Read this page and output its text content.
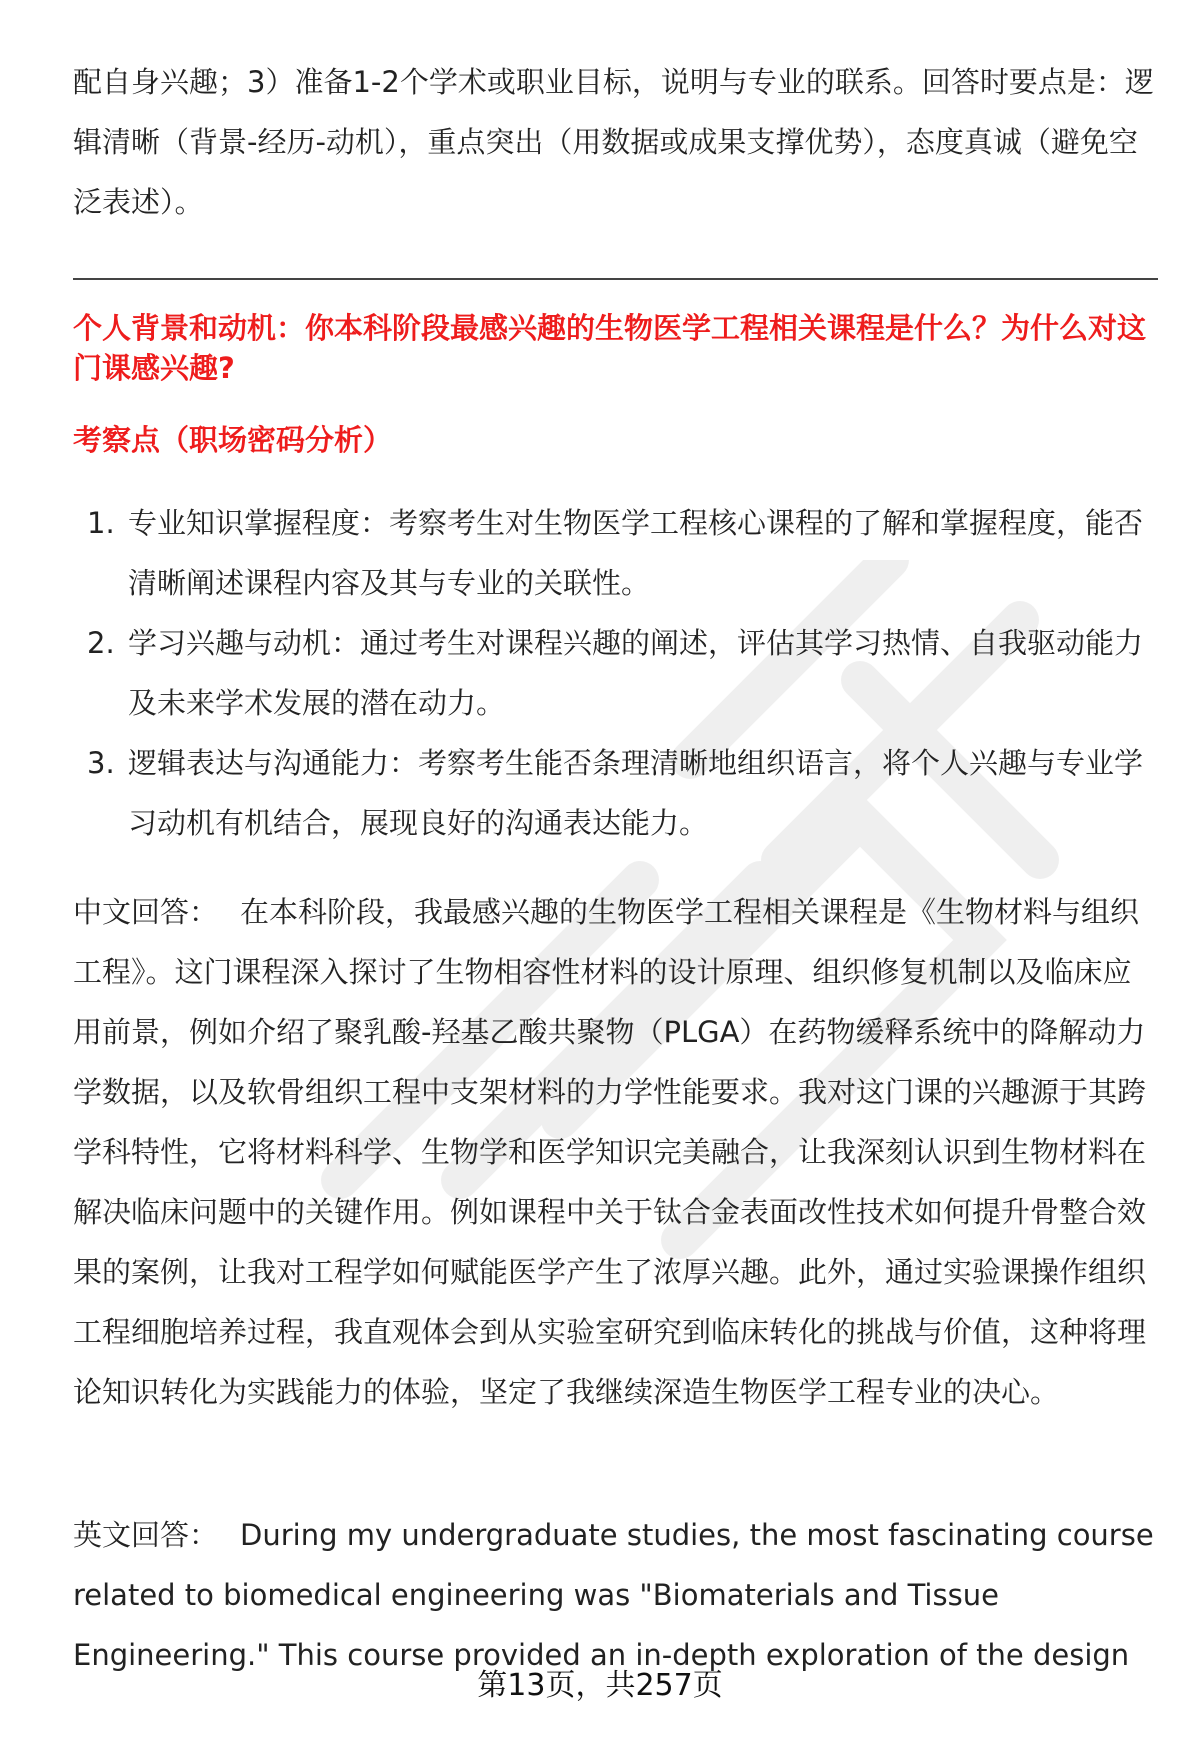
配自身兴趣；3）准备1-2个学术或职业目标，说明与专业的联系。回答时要点是：逻辑清晰（背景-经历-动机），重点突出（用数据或成果支撑优势），态度真诚（避免空泛表述）。

个人背景和动机：你本科阶段最感兴趣的生物医学工程相关课程是什么？为什么对这门课感兴趣?

考察点（职场密码分析）

1. 专业知识掌握程度：考察考生对生物医学工程核心课程的了解和掌握程度，能否清晰阐述课程内容及其与专业的关联性。
2. 学习兴趣与动机：通过考生对课程兴趣的阐述，评估其学习热情、自我驱动能力及未来学术发展的潜在动力。
3. 逻辑表达与沟通能力：考察考生能否条理清晰地组织语言，将个人兴趣与专业学习动机有机结合，展现良好的沟通表达能力。

中文回答： 在本科阶段，我最感兴趣的生物医学工程相关课程是《生物材料与组织工程》。这门课程深入探讨了生物相容性材料的设计原理、组织修复机制以及临床应用前景，例如介绍了聚乳酸-羟基乙酸共聚物（PLGA）在药物缓释系统中的降解动力学数据，以及软骨组织工程中支架材料的力学性能要求。我对这门课的兴趣源于其跨学科特性，它将材料科学、生物学和医学知识完美融合，让我深刻认识到生物材料在解决临床问题中的关键作用。例如课程中关于钛合金表面改性技术如何提升骨整合效果的案例，让我对工程学如何赋能医学产生了浓厚兴趣。此外，通过实验课操作组织工程细胞培养过程，我直观体会到从实验室研究到临床转化的挑战与价值，这种将理论知识转化为实践能力的体验，坚定了我继续深造生物医学工程专业的决心。

英文回答： During my undergraduate studies, the most fascinating course related to biomedical engineering was "Biomaterials and Tissue Engineering." This course provided an in-depth exploration of the design

第13页，共257页
